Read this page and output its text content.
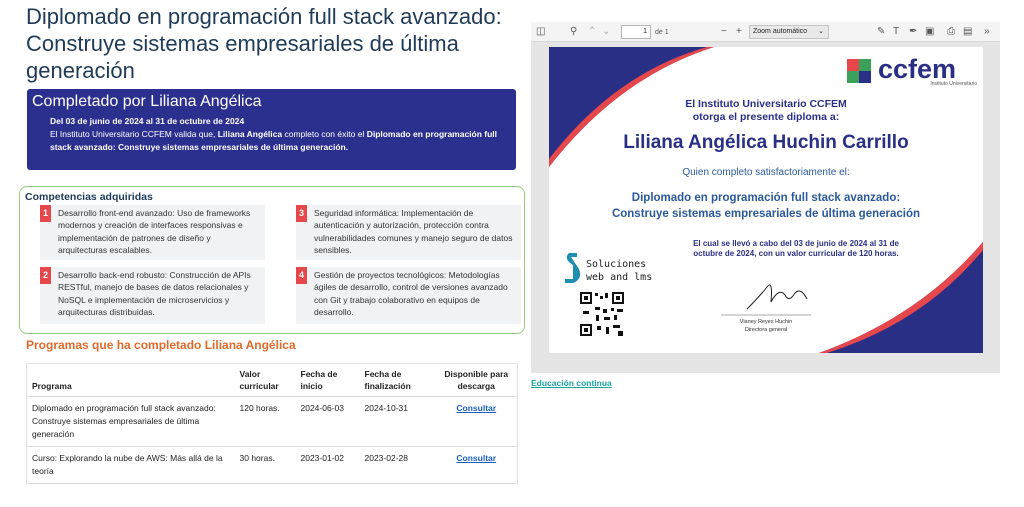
Diplomado en programación full stack avanzado: Construye sistemas empresariales de última generación
Completado por Liliana Angélica
Del 03 de junio de 2024 al 31 de octubre de 2024
El Instituto Universitario CCFEM valida que, Liliana Angélica completo con éxito el Diplomado en programación full stack avanzado: Construye sistemas empresariales de última generación.
Competencias adquiridas
1	Desarrollo front-end avanzado: Uso de frameworks modernos y creación de interfaces responsivas e implementación de patrones de diseño y arquitecturas escalables.
2	Desarrollo back-end robusto: Construcción de APIs RESTful, manejo de bases de datos relacionales y NoSQL e implementación de microservicios y arquitecturas distribuidas.
3	Seguridad informática: Implementación de autenticación y autorización, protección contra vulnerabilidades comunes y manejo seguro de datos sensibles.
4	Gestión de proyectos tecnológicos: Metodologías ágiles de desarrollo, control de versiones avanzado con Git y trabajo colaborativo en equipos de desarrollo.
Programas que ha completado Liliana Angélica
Programa	Valor curricular	Fecha de inicio	Fecha de finalización	Disponible para descarga
Diplomado en programación full stack avanzado: Construye sistemas empresariales de última generación	120 horas.	2024-06-03	2024-10-31	Consultar
Curso: Explorando la nube de AWS: Más allá de la teoría	30 horas.	2023-01-02	2023-02-28	Consultar
◫ ⚲ ⌃ ⌄	1	de 1	− +	Zoom automático ⌄	✎ T ✒ ▣ ⎙ ▤ »
ccfem
Instituto Universitario
El Instituto Universitario CCFEM
otorga el presente diploma a:
Liliana Angélica Huchin Carrillo
Quien completo satisfactoriamente el:
Diplomado en programación full stack avanzado:
Construye sistemas empresariales de última generación
El cual se llevó a cabo del 03 de junio de 2024 al 31 de
octubre de 2024, con un valor curricular de 120 horas.
Soluciones
web and lms
Vianey Reyes Huchin
Directora general
Educación continua
